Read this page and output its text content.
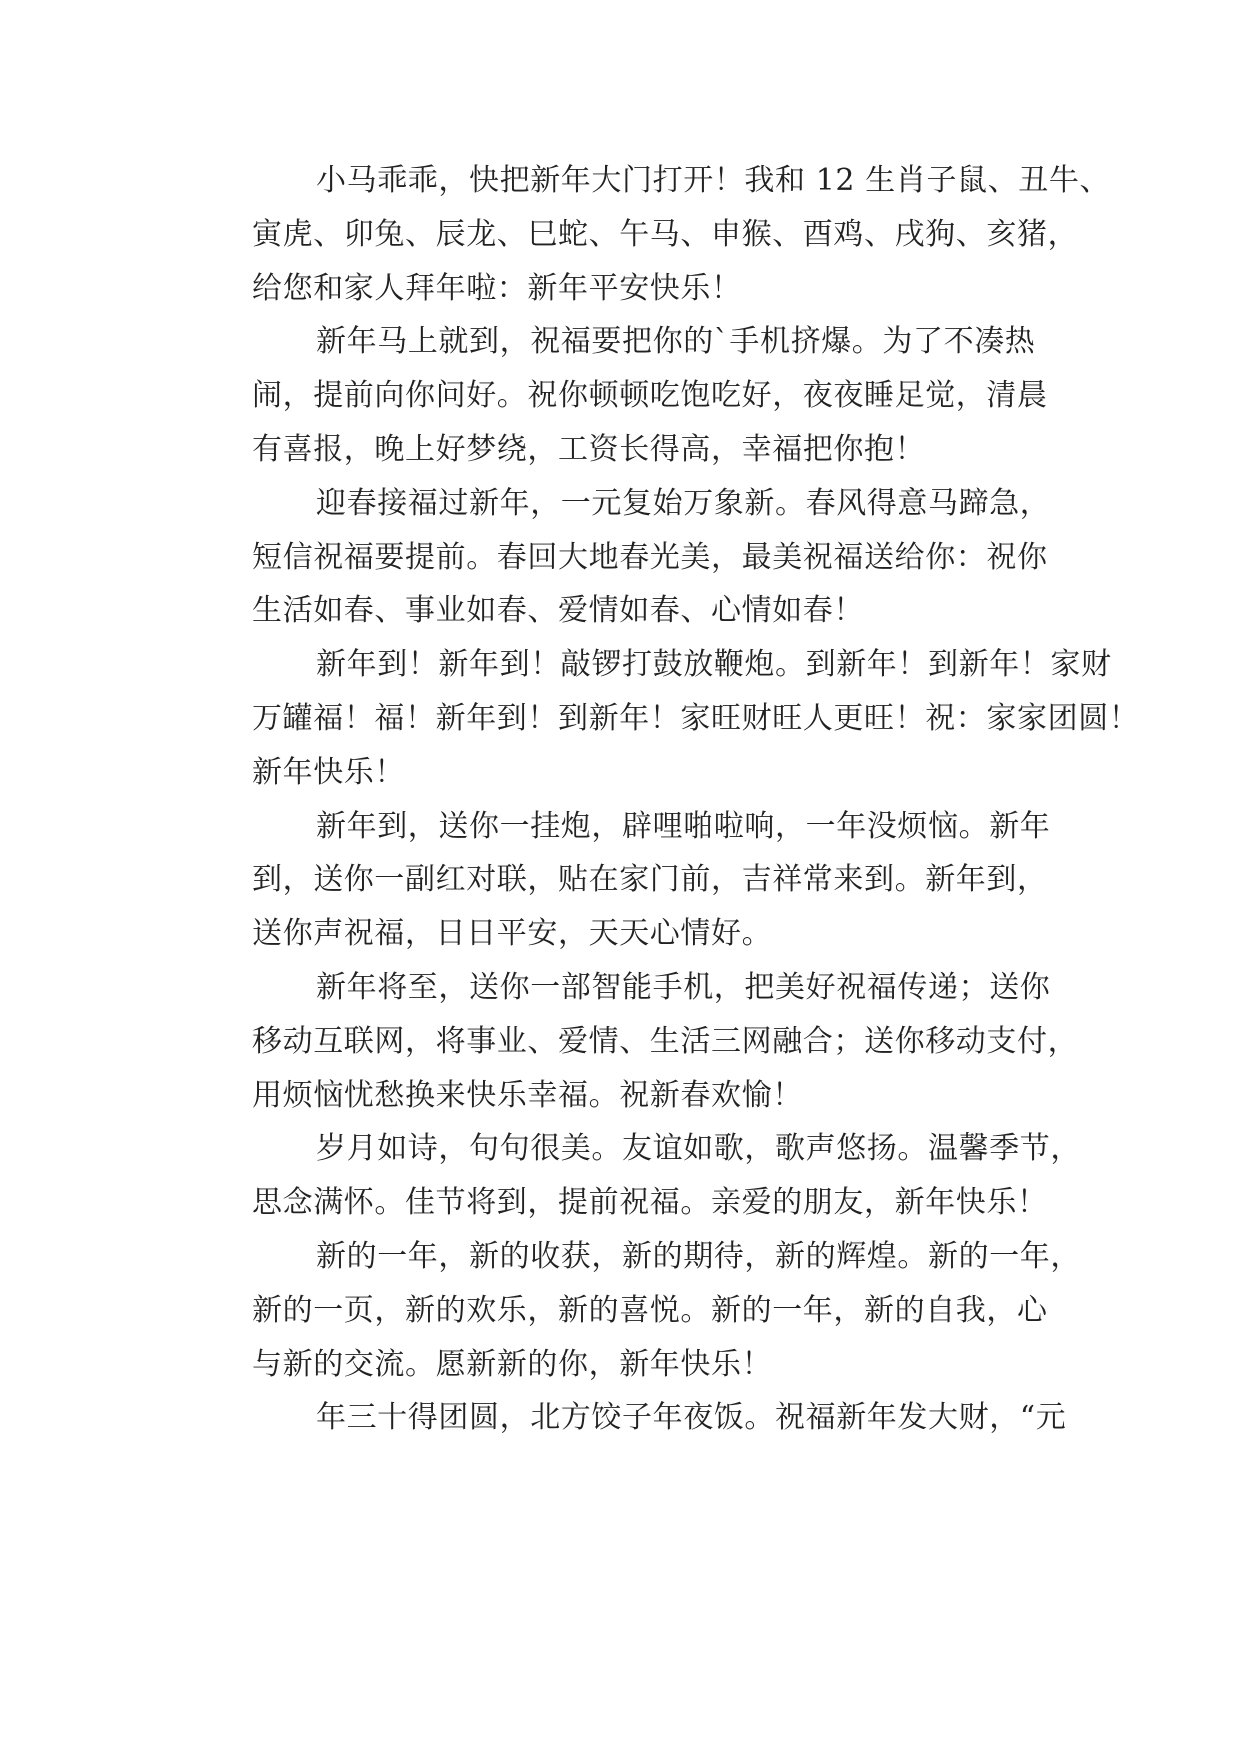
小马乖乖，快把新年大门打开！我和 12 生肖子鼠、丑牛、
寅虎、卯兔、辰龙、巳蛇、午马、申猴、酉鸡、戌狗、亥猪，
给您和家人拜年啦：新年平安快乐！
新年马上就到，祝福要把你的`手机挤爆。为了不凑热
闹，提前向你问好。祝你顿顿吃饱吃好，夜夜睡足觉，清晨
有喜报，晚上好梦绕，工资长得高，幸福把你抱！
迎春接福过新年，一元复始万象新。春风得意马蹄急，
短信祝福要提前。春回大地春光美，最美祝福送给你：祝你
生活如春、事业如春、爱情如春、心情如春！
新年到！新年到！敲锣打鼓放鞭炮。到新年！到新年！家财
万罐福！福！新年到！到新年！家旺财旺人更旺！祝：家家团圆！
新年快乐！
新年到，送你一挂炮，辟哩啪啦响，一年没烦恼。新年
到，送你一副红对联，贴在家门前，吉祥常来到。新年到，
送你声祝福，日日平安，天天心情好。
新年将至，送你一部智能手机，把美好祝福传递；送你
移动互联网，将事业、爱情、生活三网融合；送你移动支付，
用烦恼忧愁换来快乐幸福。祝新春欢愉！
岁月如诗，句句很美。友谊如歌，歌声悠扬。温馨季节，
思念满怀。佳节将到，提前祝福。亲爱的朋友，新年快乐！
新的一年，新的收获，新的期待，新的辉煌。新的一年，
新的一页，新的欢乐，新的喜悦。新的一年，新的自我，心
与新的交流。愿新新的你，新年快乐！
年三十得团圆，北方饺子年夜饭。祝福新年发大财，“元
